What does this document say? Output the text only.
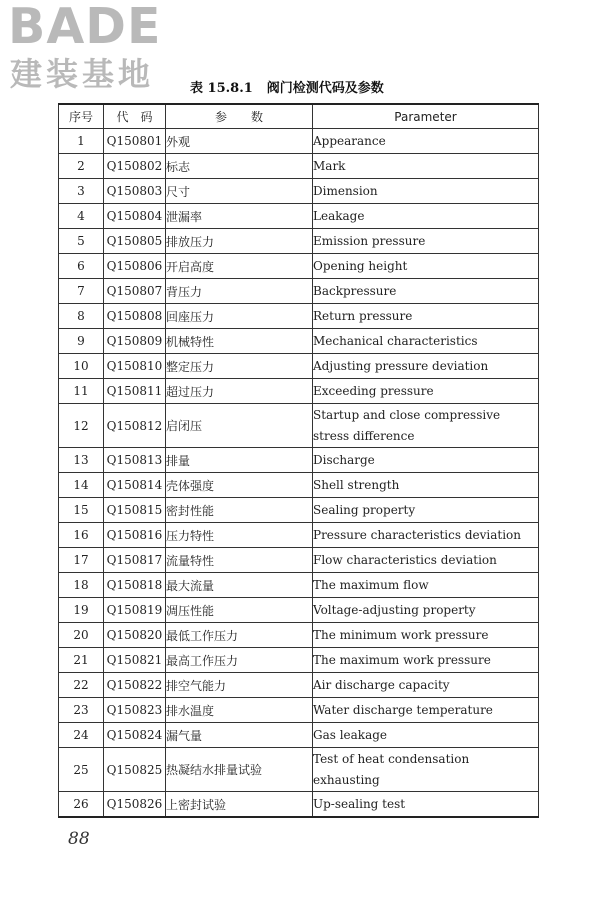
BADE
建装基地	表 15.8.1 阀门检测代码及参数
序号	代　码	参　　数	Parameter
1	Q150801	外观	Appearance
2	Q150802	标志	Mark
3	Q150803	尺寸	Dimension
4	Q150804	泄漏率	Leakage
5	Q150805	排放压力	Emission pressure
6	Q150806	开启高度	Opening height
7	Q150807	背压力	Backpressure
8	Q150808	回座压力	Return pressure
9	Q150809	机械特性	Mechanical characteristics
10	Q150810	整定压力	Adjusting pressure deviation
11	Q150811	超过压力	Exceeding pressure
12	Q150812	启闭压	Startup and close compressive stress difference
13	Q150813	排量	Discharge
14	Q150814	壳体强度	Shell strength
15	Q150815	密封性能	Sealing property
16	Q150816	压力特性	Pressure characteristics deviation
17	Q150817	流量特性	Flow characteristics deviation
18	Q150818	最大流量	The maximum flow
19	Q150819	凋压性能	Voltage-adjusting property
20	Q150820	最低工作压力	The minimum work pressure
21	Q150821	最高工作压力	The maximum work pressure
22	Q150822	排空气能力	Air discharge capacity
23	Q150823	排水温度	Water discharge temperature
24	Q150824	漏气量	Gas leakage
25	Q150825	热凝结水排量试验	Test of heat condensation exhausting
26	Q150826	上密封试验	Up-sealing test
88
